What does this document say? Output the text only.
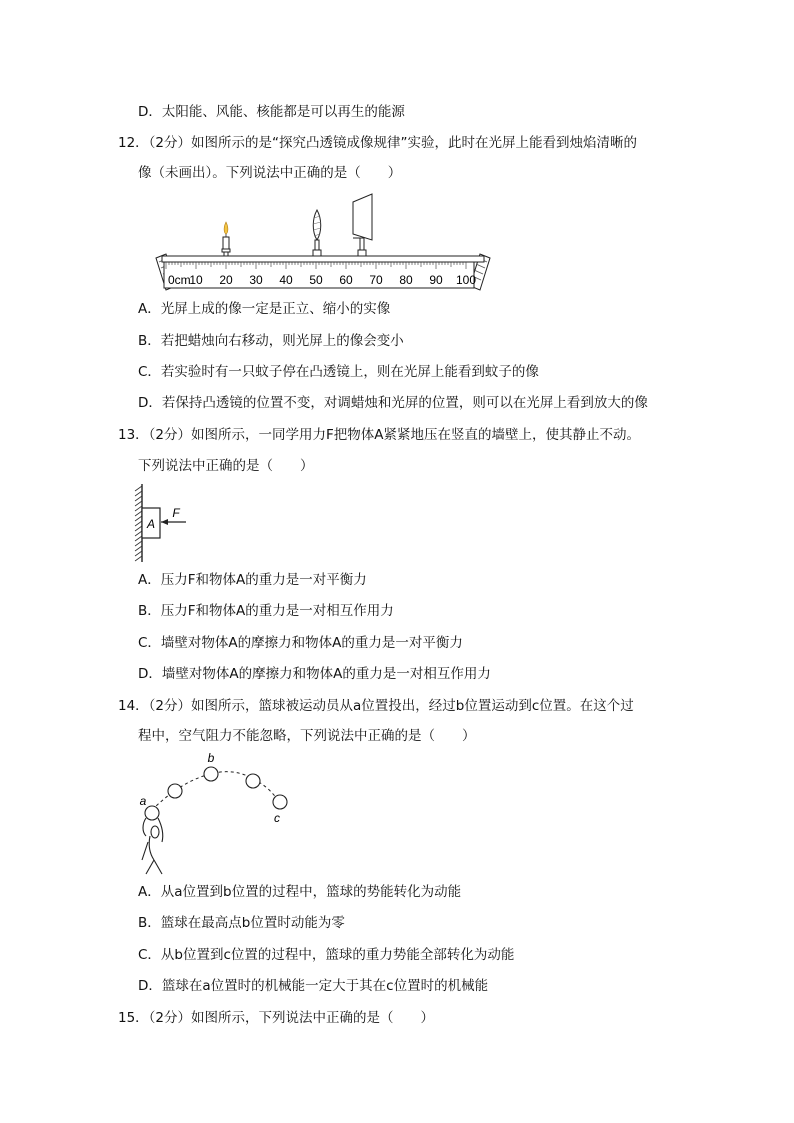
D．太阳能、风能、核能都是可以再生的能源
12．（2分）如图所示的是“探究凸透镜成像规律”实验，此时在光屏上能看到烛焰清晰的
像（未画出）。下列说法中正确的是（　　）
0cm
10 20 30 40 50 60 70 80 90 100
A．光屏上成的像一定是正立、缩小的实像
B．若把蜡烛向右移动，则光屏上的像会变小
C．若实验时有一只蚊子停在凸透镜上，则在光屏上能看到蚊子的像
D．若保持凸透镜的位置不变，对调蜡烛和光屏的位置，则可以在光屏上看到放大的像
13．（2分）如图所示，一同学用力F把物体A紧紧地压在竖直的墙壁上，使其静止不动。
下列说法中正确的是（　　）
A
F
A．压力F和物体A的重力是一对平衡力
B．压力F和物体A的重力是一对相互作用力
C．墙壁对物体A的摩擦力和物体A的重力是一对平衡力
D．墙壁对物体A的摩擦力和物体A的重力是一对相互作用力
14．（2分）如图所示，篮球被运动员从a位置投出，经过b位置运动到c位置。在这个过
程中，空气阻力不能忽略，下列说法中正确的是（　　）
a
b
c
A．从a位置到b位置的过程中，篮球的势能转化为动能
B．篮球在最高点b位置时动能为零
C．从b位置到c位置的过程中，篮球的重力势能全部转化为动能
D．篮球在a位置时的机械能一定大于其在c位置时的机械能
15．（2分）如图所示，下列说法中正确的是（　　）
